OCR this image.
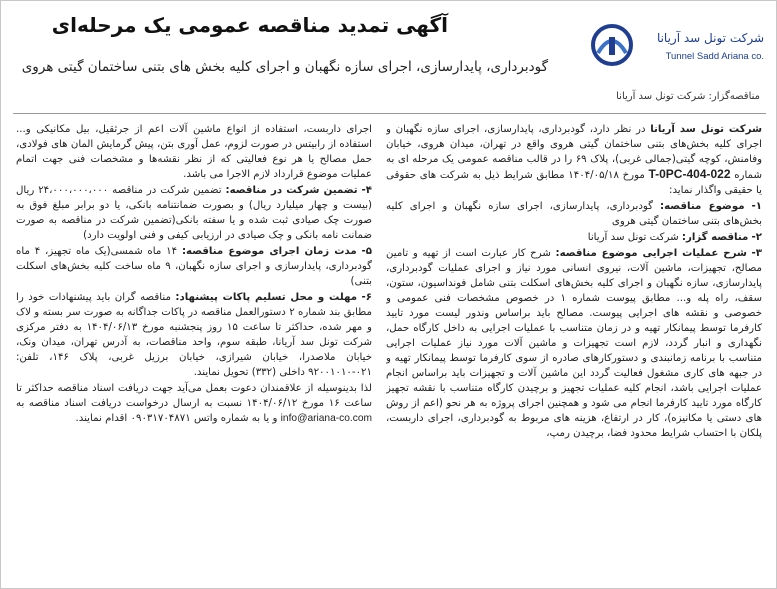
شرکت تونل سد آریانا
Tunnel Sadd Ariana co.
آگهی تمدید مناقصه عمومی یک مرحله‌ای
گودبرداری، پایدارسازی، اجرای سازه نگهبان و اجرای کلیه بخش های بتنی ساختمان گیتی هروی
مناقصه‌گزار: شرکت تونل سد آریانا

شرکت تونل سد آریانا در نظر دارد، گودبرداری، پایدارسازی، اجرای سازه نگهبان و اجرای کلیه بخش‌های بتنی ساختمان گیتی هروی واقع در تهران، میدان هروی، خیابان وفامنش، کوچه گیتی(جمالی غربی)، پلاک ۶۹ را در قالب مناقصه عمومی یک مرحله ای به شماره T-0PC-404-022 مورخ ۱۴۰۴/۰۵/۱۸ مطابق شرایط ذیل به شرکت های حقوقی یا حقیقی واگذار نماید:

۱- موضوع مناقصه: گودبرداری، پایدارسازی، اجرای سازه نگهبان و اجرای کلیه بخش‌های بتنی ساختمان گیتی هروی

۲- مناقصه گزار: شرکت تونل سد آریانا

۳- شرح عملیات اجرایی موضوع مناقصه: شرح کار عبارت است از تهیه و تامین مصالح، تجهیزات، ماشین آلات، نیروی انسانی مورد نیاز و اجرای عملیات گودبرداری، پایدارسازی، سازه نگهبان و اجرای کلیه بخش‌های اسکلت بتنی شامل فونداسیون، ستون، سقف، راه پله و... مطابق پیوست شماره ۱ در خصوص مشخصات فنی عمومی و خصوصی و نقشه های اجرایی پیوست. مصالح باید براساس وندور لیست مورد تایید کارفرما توسط پیمانکار تهیه و در زمان متناسب با عملیات اجرایی به داخل کارگاه حمل، نگهداری و انبار گردد، لازم است تجهیزات و ماشین آلات مورد نیاز عملیات اجرایی متناسب با برنامه زمانبندی و دستورکارهای صادره از سوی کارفرما توسط پیمانکار تهیه و در جبهه های کاری مشغول فعالیت گردد این ماشین آلات و تجهیزات باید براساس انجام عملیات اجرایی باشد، انجام کلیه عملیات تجهیز و برچیدن کارگاه متناسب با نقشه تجهیز کارگاه مورد تایید کارفرما انجام می شود و همچنین اجرای پروژه به هر نحو (اعم از روش های دستی یا مکانیزه)، کار در ارتفاع، هزینه های مربوط به گودبرداری، اجرای داربست، پلکان با احتساب شرایط محدود فضا، برچیدن رمپ،

اجرای داربست، استفاده از انواع ماشین آلات اعم از جرثقیل، بیل مکانیکی و... استفاده از رابیتس در صورت لزوم، عمل آوری بتن، پیش گرمایش المان های فولادی، حمل مصالح یا هر نوع فعالیتی که از نظر نقشه‌ها و مشخصات فنی جهت اتمام عملیات موضوع قرارداد لازم الاجرا می باشد.

۴- تضمین شرکت در مناقصه: تضمین شرکت در مناقصه ۲۴،۰۰۰،۰۰۰،۰۰۰ ریال (بیست و چهار میلیارد ریال) و بصورت ضمانتنامه بانکی، یا دو برابر مبلغ فوق به صورت چک صیادی ثبت شده و یا سفته بانکی(تضمین شرکت در مناقصه به صورت ضمانت نامه بانکی و چک صیادی در ارزیابی کیفی و فنی اولویت دارد)

۵- مدت زمان اجرای موضوع مناقصه: ۱۴ ماه شمسی(یک ماه تجهیز، ۴ ماه گودبرداری، پایدارسازی و اجرای سازه نگهبان، ۹ ماه ساخت کلیه بخش‌های اسکلت بتنی)

۶- مهلت و محل تسلیم پاکات پیشنهاد: مناقصه گران باید پیشنهادات خود را مطابق بند شماره ۲ دستورالعمل مناقصه در پاکات جداگانه به صورت سر بسته و لاک و مهر شده، حداکثر تا ساعت ۱۵ روز پنجشنبه مورخ ۱۴۰۴/۰۶/۱۳ به دفتر مرکزی شرکت تونل سد آریانا، طبقه سوم، واحد مناقصات، به آدرس تهران، میدان ونک، خیابان ملاصدرا، خیابان شیرازی، خیابان برزیل غربی، پلاک ۱۴۶، تلفن: ۰۲۱-۹۲۰۰۱۰۱۰ داخلی (۳۳۲) تحویل نمایند.

لذا بدینوسیله از علاقمندان دعوت بعمل می‌آید جهت دریافت اسناد مناقصه حداکثر تا ساعت ۱۶ مورخ ۱۴۰۴/۰۶/۱۲ نسبت به ارسال درخواست دریافت اسناد مناقصه به info@ariana-co.com و یا به شماره واتس ۰۹۰۳۱۷۰۴۸۷۱ اقدام نمایند.
